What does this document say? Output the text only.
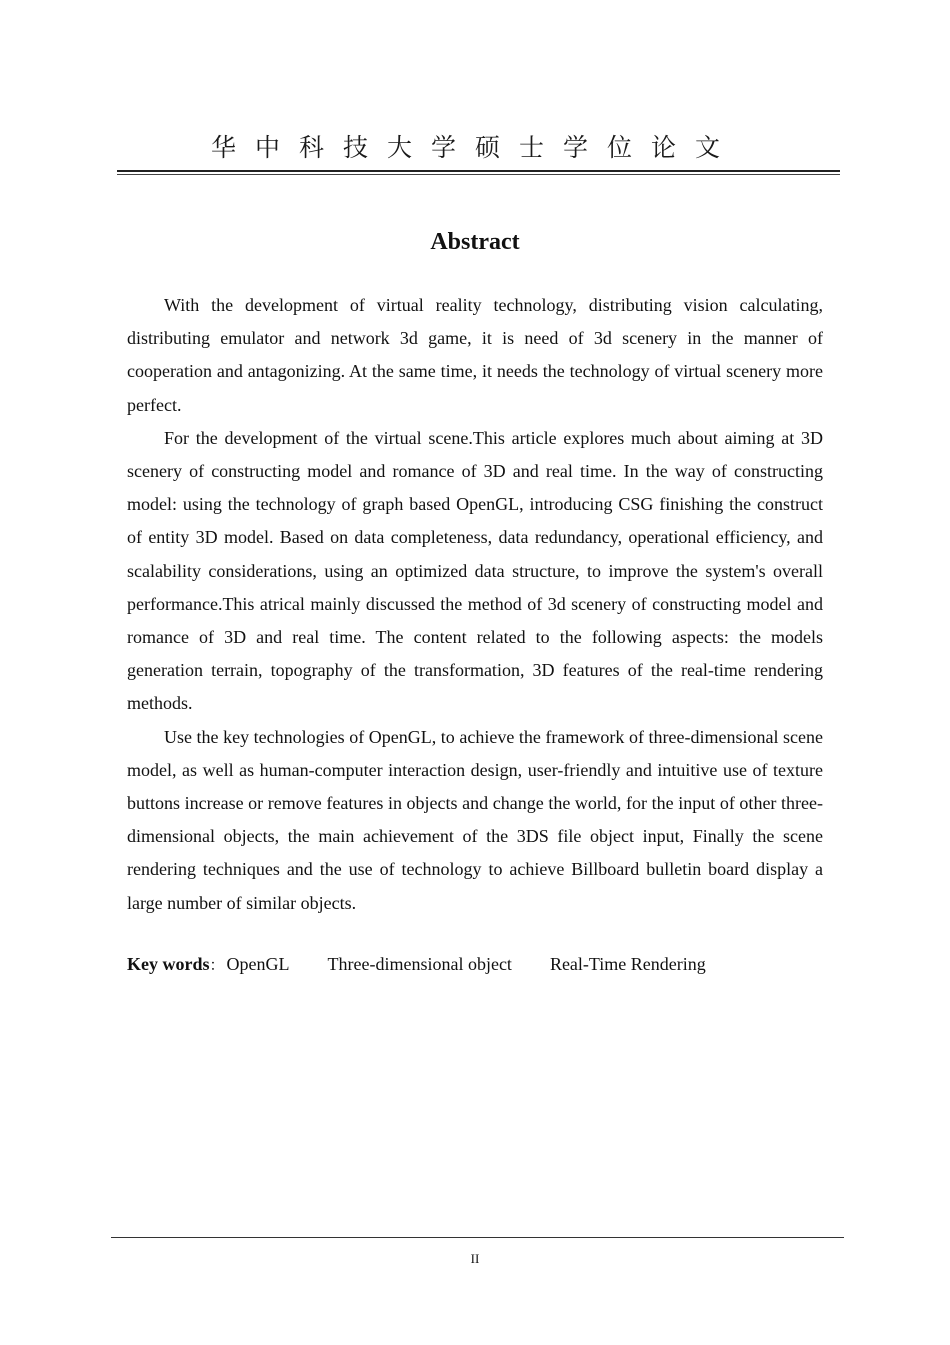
华中科技大学硕士学位论文
Abstract

With the development of virtual reality technology, distributing vision calculating, distributing emulator and network 3d game, it is need of 3d scenery in the manner of cooperation and antagonizing. At the same time, it needs the technology of virtual scenery more perfect.

For the development of the virtual scene.This article explores much about aiming at 3D scenery of constructing model and romance of 3D and real time. In the way of constructing model: using the technology of graph based OpenGL, introducing CSG finishing the construct of entity 3D model. Based on data completeness, data redundancy, operational efficiency, and scalability considerations, using an optimized data structure, to improve the system's overall performance.This atrical mainly discussed the method of 3d scenery of constructing model and romance of 3D and real time. The content related to the following aspects: the models generation terrain, topography of the transformation, 3D features of the real-time rendering methods.

Use the key technologies of OpenGL, to achieve the framework of three-dimensional scene model, as well as human-computer interaction design, user-friendly and intuitive use of texture buttons increase or remove features in objects and change the world, for the input of other three-dimensional objects, the main achievement of the 3DS file object input, Finally the scene rendering techniques and the use of technology to achieve Billboard bulletin board display a large number of similar objects.

Key words： OpenGL Three-dimensional object Real-Time Rendering
II
